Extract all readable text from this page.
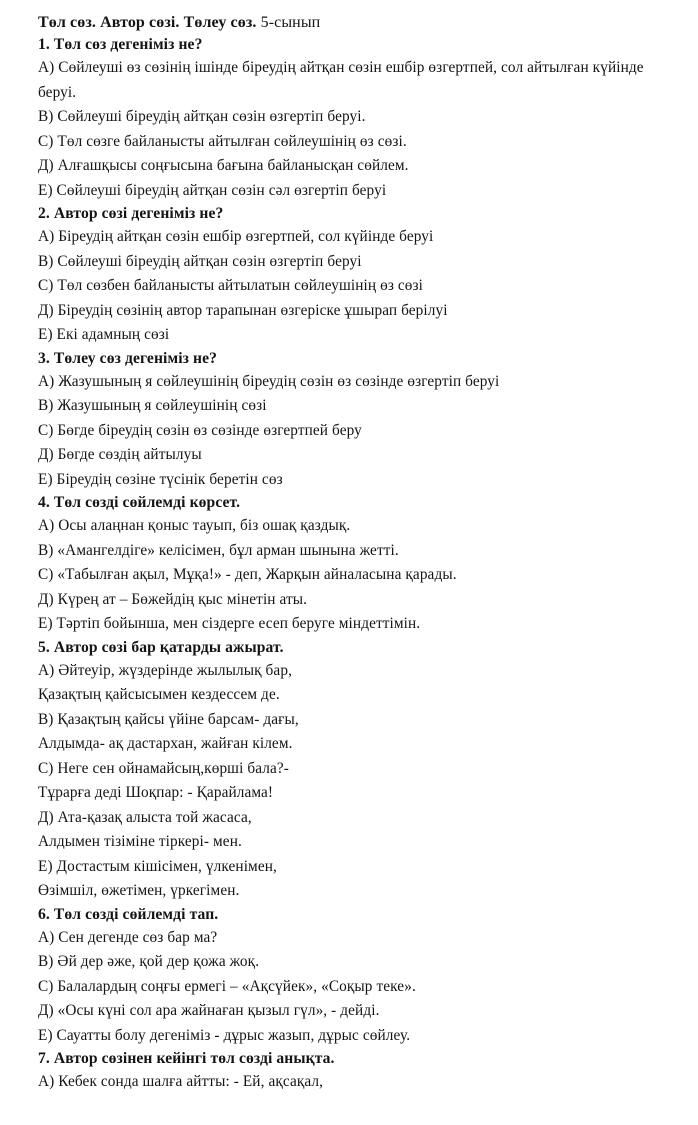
Төл сөз. Автор сөзі. Төлеу сөз. 5-сынып
1. Төл сөз дегеніміз не?
А) Сөйлеуші өз сөзінің ішінде біреудің айтқан сөзін ешбір өзгертпей, сол айтылған күйінде беруі.
В) Сөйлеуші біреудің айтқан сөзін өзгертіп беруі.
С) Төл сөзге байланысты айтылған сөйлеушінің өз сөзі.
Д) Алғашқысы соңғысына бағына байланысқан сөйлем.
Е) Сөйлеуші біреудің айтқан сөзін сәл өзгертіп беруі
2. Автор сөзі дегеніміз не?
А) Біреудің айтқан сөзін ешбір өзгертпей, сол күйінде беруі
В) Сөйлеуші біреудің айтқан сөзін өзгертіп беруі
С) Төл сөзбен байланысты айтылатын сөйлеушінің өз сөзі
Д) Біреудің сөзінің автор тарапынан өзгеріске ұшырап берілуі
Е) Екі адамның сөзі
3. Төлеу сөз дегеніміз не?
А) Жазушының я сөйлеушінің біреудің сөзін өз сөзінде өзгертіп беруі
В) Жазушының я сөйлеушінің сөзі
С) Бөгде біреудің сөзін өз сөзінде өзгертпей беру
Д) Бөгде сөздің айтылуы
Е) Біреудің сөзіне түсінік беретін сөз
4. Төл сөзді сөйлемді көрсет.
А) Осы алаңнан қоныс тауып, біз ошақ қаздық.
В) «Амангелдіге» келісімен, бұл арман шынына жетті.
С) «Табылған ақыл, Мұқа!» - деп, Жарқын айналасына қарады.
Д) Күрең ат – Бөжейдің қыс мінетін аты.
Е) Тәртіп бойынша, мен сіздерге есеп беруге міндеттімін.
5. Автор сөзі бар қатарды ажырат.
А) Әйтеуір, жүздерінде жылылық бар,
Қазақтың қайсысымен кездессем де.
В) Қазақтың қайсы үйіне барсам- дағы,
Алдымда- ақ дастархан, жайған кілем.
С) Неге сен ойнамайсың,көрші бала?-
Тұрарға деді Шоқпар: - Қарайлама!
Д) Ата-қазақ алыста той жасаса,
Алдымен тізіміне тіркері- мен.
Е) Достастым кішісімен, үлкенімен,
Өзімшіл, өжетімен, үркегімен.
6. Төл сөзді сөйлемді тап.
А) Сен дегенде сөз бар ма?
В) Әй дер әже, қой дер қожа жоқ.
С) Балалардың соңғы ермегі – «Ақсүйек», «Соқыр теке».
Д) «Осы күні сол ара жайнаған қызыл гүл», - дейді.
Е) Сауатты болу дегеніміз - дұрыс жазып, дұрыс сөйлеу.
7. Автор сөзінен кейінгі төл сөзді анықта.
А) Кебек сонда шалға айтты: - Ей, ақсақал,
